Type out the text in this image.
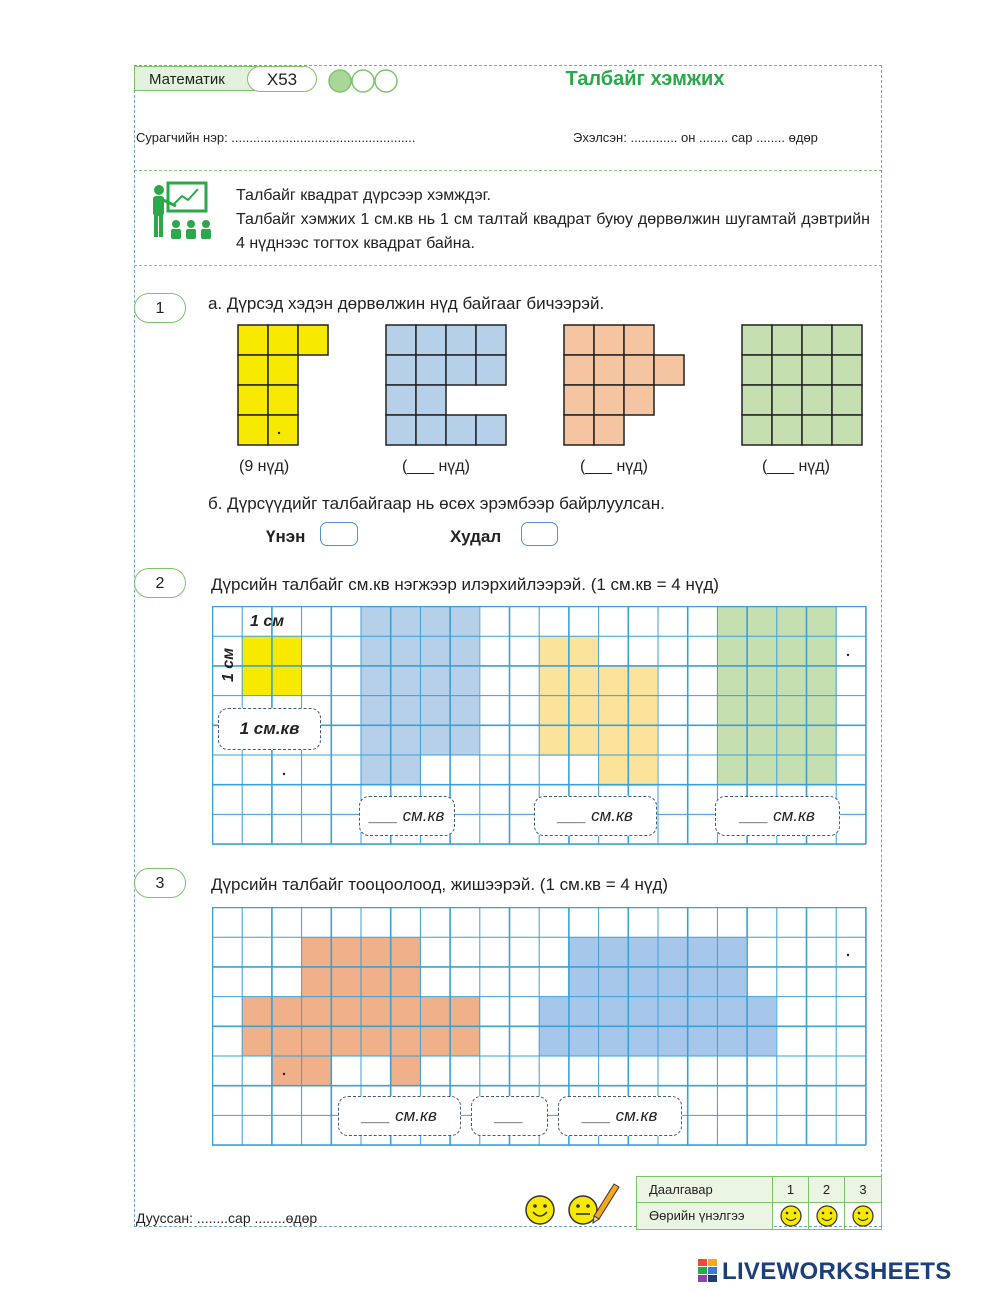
Математик	Х53	Талбайг хэмжих
Сурагчийн нэр: ...................................................	Эхэлсэн: ............. он ........ сар ........ өдөр
Талбайг квадрат дүрсээр хэмждэг.
Талбайг хэмжих 1 см.кв нь 1 см талтай квадрат буюу дөрвөлжин шугамтай дэвтрийн 4 нүднээс тогтох квадрат байна.
1	а. Дүрсэд хэдэн дөрвөлжин нүд байгааг бичээрэй.
(9 нүд)	(___ нүд)	(___ нүд)	(___ нүд)
б. Дүрсүүдийг талбайгаар нь өсөх эрэмбээр байрлуулсан.
Үнэн	Худал
2	Дүрсийн талбайг см.кв нэгжээр илэрхийлээрэй. (1 см.кв = 4 нүд)
1 см
1 см
1 см.кв
___ см.кв	___ см.кв	___ см.кв
3	Дүрсийн талбайг тооцоолоод, жишээрэй. (1 см.кв = 4 нүд)
___ см.кв	___	___ см.кв
Дууссан: ........сар ........өдөр
Даалгавар	1	2	3
Өөрийн үнэлгээ
LIVEWORKSHEETS
